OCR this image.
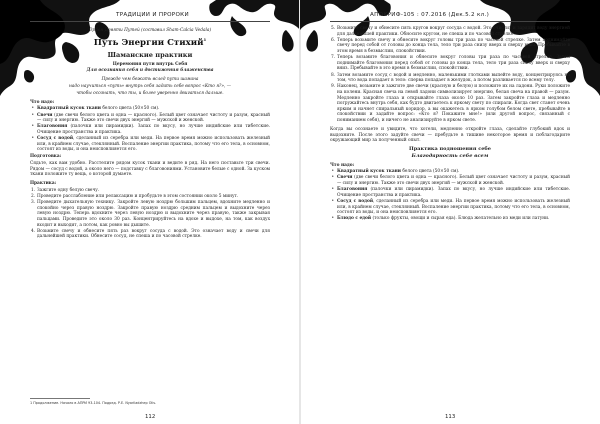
ТРАДИЦИИ И ПРОРОКИ

Орден Девяти Путей (составил Sham-Calcia Vedala)

Путь Энергии Стихий$^1$
Шаманские практики

Церемония пути внутрь Себя

Для осознания себя и достижения блаженства

Прежде чем бежать вслед пути шамана

надо научиться «путь» внутрь себя задать себе вопрос «Кто я?», —

чтобы осознать, что ты, и более уверенно двигаться дальше.

Что надо:

• Квадратный кусок ткани белого цвета (50×50 см).
• Свечи (две свечи белого цвета и одна — красного). Белый цвет означает чистоту и разум, красный — силу и энергию. Также это свечи двух энергий — мужской и женской.
• Благовония (палочки или пирамидки). Запах по вкусу, но лучше индийские или тибетские. Очищение пространства и практика.
• Сосуд с водой, сделанный из серебра или меди. На первое время можно использовать железный или, в крайнем случае, стеклянный. Воспаление энергии практика, потому что его тела, в основном, состоят из воды, и она неисповлияется его.

Подготовка:

Сядьте, как вам удобно. Расстелите рядом кусок ткани и ведите в ряд. На него поставьте три свечи. Рядом — сосуд с водой, а около него — подставку с благовониями. Установите белые с одной. За куском ткани положите ту вещь, о которой думаете.

Практика:

1. Зажгите одну белую свечу.
2. Проведите расслабление или релаксацию и пробудьте в этом состоянии около 5 минут.
3. Проведите дыхательную технику. Закройте левую ноздрю большим пальцем, вдохните медленно и спокойно через правую ноздрю. Закройте правую ноздрю средним пальцем и выдохните через левую ноздрю. Теперь вдохните через левую ноздрю и выдохните через правую, также закрывая пальцами. Проведите это около 30 раз. Концентрируйтесь на вдохе и выдохе, на том, как воздух входит и выходит, а потом, как ровно вы дышите.
4. Возьмите свечу и обнесите пять раз вокруг сосуда с водой. Это означает воду и свечи для дальнейшей практики. Обнесите сосуд, не спеша и по часовой стрелке.
1 Продолжение. Начало в АПРИ 93-104. Подред. Р.Е. Nyariladzhep Olis.
112
АПОКРИФ-105 : 07.2016 (Дек.5.2 кл.)
5. Возьмите свечу и обнесите пять кругов вокруг сосуда с водой. Это очистит и зарядит воду энергией для дальнейшей практики. Обносите кругом, не спеша и по часовой стрелке.
6. Теперь возьмите свечу и обнесите вокруг головы три раза по часовой стрелке. Затем поднимайте свечу перед собой от головы до конца тела, тело три раза снизу вверх и сверху вниз. Пребывайте в этом время в безмыслии, спокойствии.
7. Теперь возьмите благовония и обнесите вокруг головы три раза по часовой стрелке. Затем поднимайте благовония перед собой от головы до конца тела, тело три раза снизу вверх и сверху вниз. Пребывайте в это время в безмыслии, спокойствии.
8. Затем возьмите сосуд с водой и медленно, маленькими глотками выпейте воду, концентрируясь на том, что вода попадает в тело: сперва попадает в желудок, а потом разливается по всему телу.
9. Наконец, возьмите и зажгите две свечи (красную и белую) и положите их на ладони. Руки положите на колени. Красная свеча на левой ладони символизирует энергию, белая свеча на правой — разум. Медленно закройте глаза и открывайте глаза около 10 раз. Затем закройте глаза и медленно погружайтесь внутрь себя, как будто двигаетесь к яркому свету по спирали. Когда свет станет очень ярким и начнет спиральный коридор, а вы окажетесь в ярком голубом белом свете, пребывайте в спокойствии и задайте вопрос: «Кто я? Покажите мне!» (или другой вопрос, связанный с пониманием себя), и ничего не анализируйте в ярком свете.

Когда вы осознаете и увидите, что хотели, медленно откройте глаза, сделайте глубокий вдох и выдохните. После этого задуйте свечи — пребудьте в тишине некоторое время и поблагодарите окружающий мир за полученный опыт.

Практика подношения себе

Благодарность себе всем

Что надо:

• Квадратный кусок ткани белого цвета (50×50 см).
• Свечи (две свечи белого цвета и одна — красного). Белый цвет означает чистоту и разум, красный — силу и энергию. Также это свечи двух энергий — мужской и женской.
• Благовония (палочки или пирамидки). Запах по вкусу, но лучше индийские или тибетские. Очищение пространства и практика.
• Сосуд с водой, сделанный из серебра или меди. На первое время можно использовать железный или, в крайнем случае, стеклянный. Воспаление энергии практика, потому что его тела, в основном, состоят из воды, и она неисповлияется его.
• Блюдо с едой (только фрукты, овощи и сырая еда). Блюда желательно из меди или латуни.
113
